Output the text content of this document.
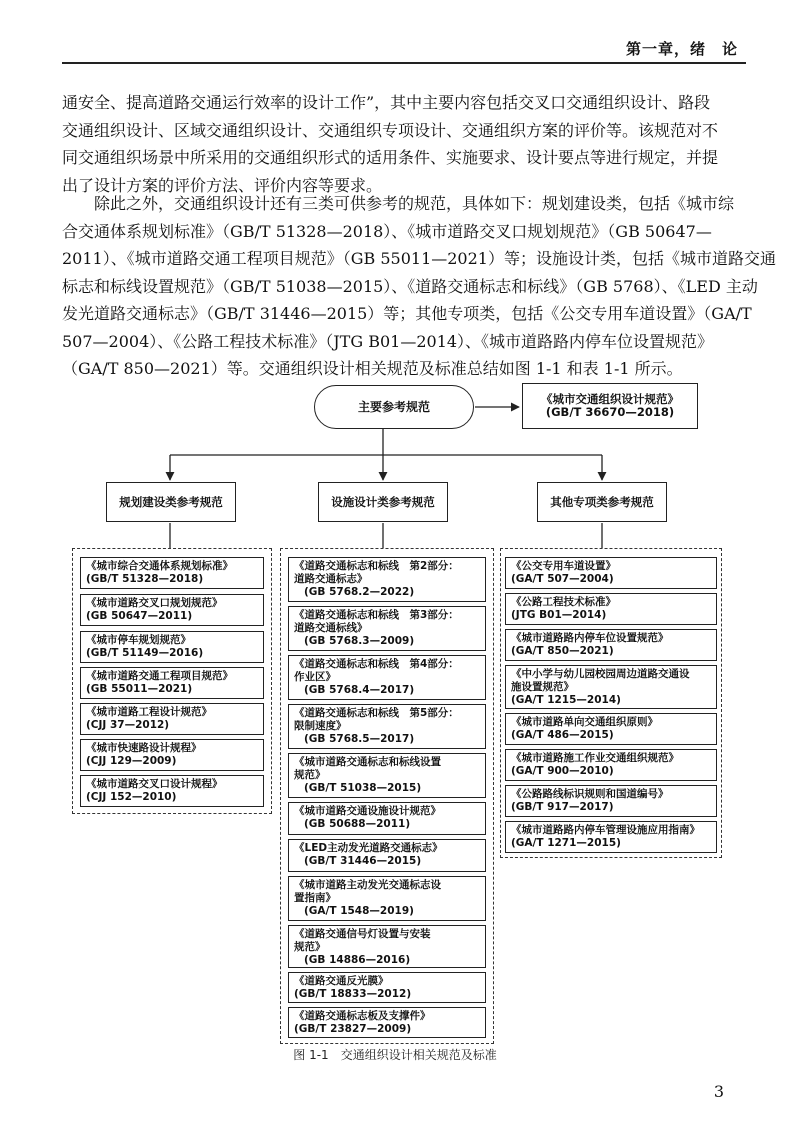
第一章，绪　论
通安全、提高道路交通运行效率的设计工作”，其中主要内容包括交叉口交通组织设计、路段
交通组织设计、区域交通组织设计、交通组织专项设计、交通组织方案的评价等。该规范对不
同交通组织场景中所采用的交通组织形式的适用条件、实施要求、设计要点等进行规定，并提
出了设计方案的评价方法、评价内容等要求。
除此之外，交通组织设计还有三类可供参考的规范，具体如下：规划建设类，包括《城市综
合交通体系规划标准》（GB/T 51328—2018）、《城市道路交叉口规划规范》（GB 50647—
2011）、《城市道路交通工程项目规范》（GB 55011—2021）等；设施设计类，包括《城市道路交通
标志和标线设置规范》（GB/T 51038—2015）、《道路交通标志和标线》（GB 5768）、《LED 主动
发光道路交通标志》（GB/T 31446—2015）等；其他专项类，包括《公交专用车道设置》（GA/T
507—2004）、《公路工程技术标准》（JTG B01—2014）、《城市道路路内停车位设置规范》
（GA/T 850—2021）等。交通组织设计相关规范及标准总结如图 1-1 和表 1-1 所示。
主要参考规范
《城市交通组织设计规范》
(GB/T 36670—2018)
规划建设类参考规范	设施设计类参考规范	其他专项类参考规范
《城市综合交通体系规划标准》
(GB/T 51328—2018)
《城市道路交叉口规划规范》
(GB 50647—2011)
《城市停车规划规范》
(GB/T 51149—2016)
《城市道路交通工程项目规范》
(GB 55011—2021)
《城市道路工程设计规范》
(CJJ 37—2012)
《城市快速路设计规程》
(CJJ 129—2009)
《城市道路交叉口设计规程》
(CJJ 152—2010)
《道路交通标志和标线　第2部分：
道路交通标志》
(GB 5768.2—2022)
《道路交通标志和标线　第3部分：
道路交通标线》
(GB 5768.3—2009)
《道路交通标志和标线　第4部分：
作业区》
(GB 5768.4—2017)
《道路交通标志和标线　第5部分：
限制速度》
(GB 5768.5—2017)
《城市道路交通标志和标线设置
规范》
(GB/T 51038—2015)
《城市道路交通设施设计规范》
(GB 50688—2011)
《LED主动发光道路交通标志》
(GB/T 31446—2015)
《城市道路主动发光交通标志设
置指南》
(GA/T 1548—2019)
《道路交通信号灯设置与安装
规范》
(GB 14886—2016)
《道路交通反光膜》
(GB/T 18833—2012)
《道路交通标志板及支撑件》
(GB/T 23827—2009)
《公交专用车道设置》
(GA/T 507—2004)
《公路工程技术标准》
(JTG B01—2014)
《城市道路路内停车位设置规范》
(GA/T 850—2021)
《中小学与幼儿园校园周边道路交通设
施设置规范》
(GA/T 1215—2014)
《城市道路单向交通组织原则》
(GA/T 486—2015)
《城市道路施工作业交通组织规范》
(GA/T 900—2010)
《公路路线标识规则和国道编号》
(GB/T 917—2017)
《城市道路路内停车管理设施应用指南》
(GA/T 1271—2015)
图 1-1　交通组织设计相关规范及标准
3
